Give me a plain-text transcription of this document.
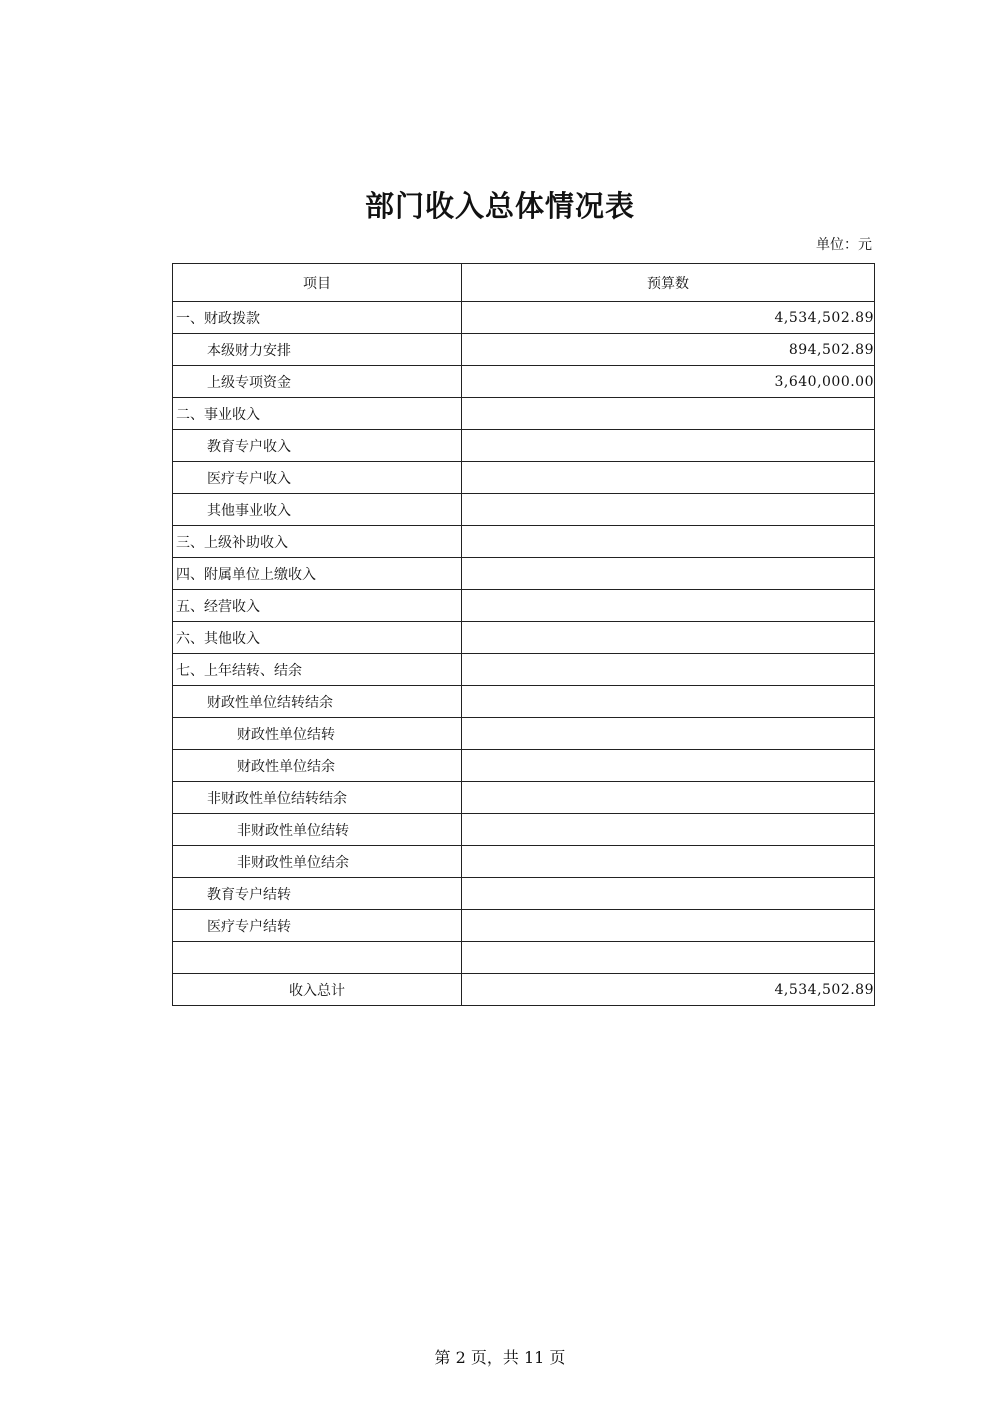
部门收入总体情况表
单位：元
项目	预算数
一、财政拨款	4,534,502.89
本级财力安排	894,502.89
上级专项资金	3,640,000.00
二、事业收入	
教育专户收入	
医疗专户收入	
其他事业收入	
三、上级补助收入	
四、附属单位上缴收入	
五、经营收入	
六、其他收入	
七、上年结转、结余	
财政性单位结转结余	
财政性单位结转	
财政性单位结余	
非财政性单位结转结余	
非财政性单位结转	
非财政性单位结余	
教育专户结转	
医疗专户结转	

收入总计	4,534,502.89
第 2 页，共 11 页
